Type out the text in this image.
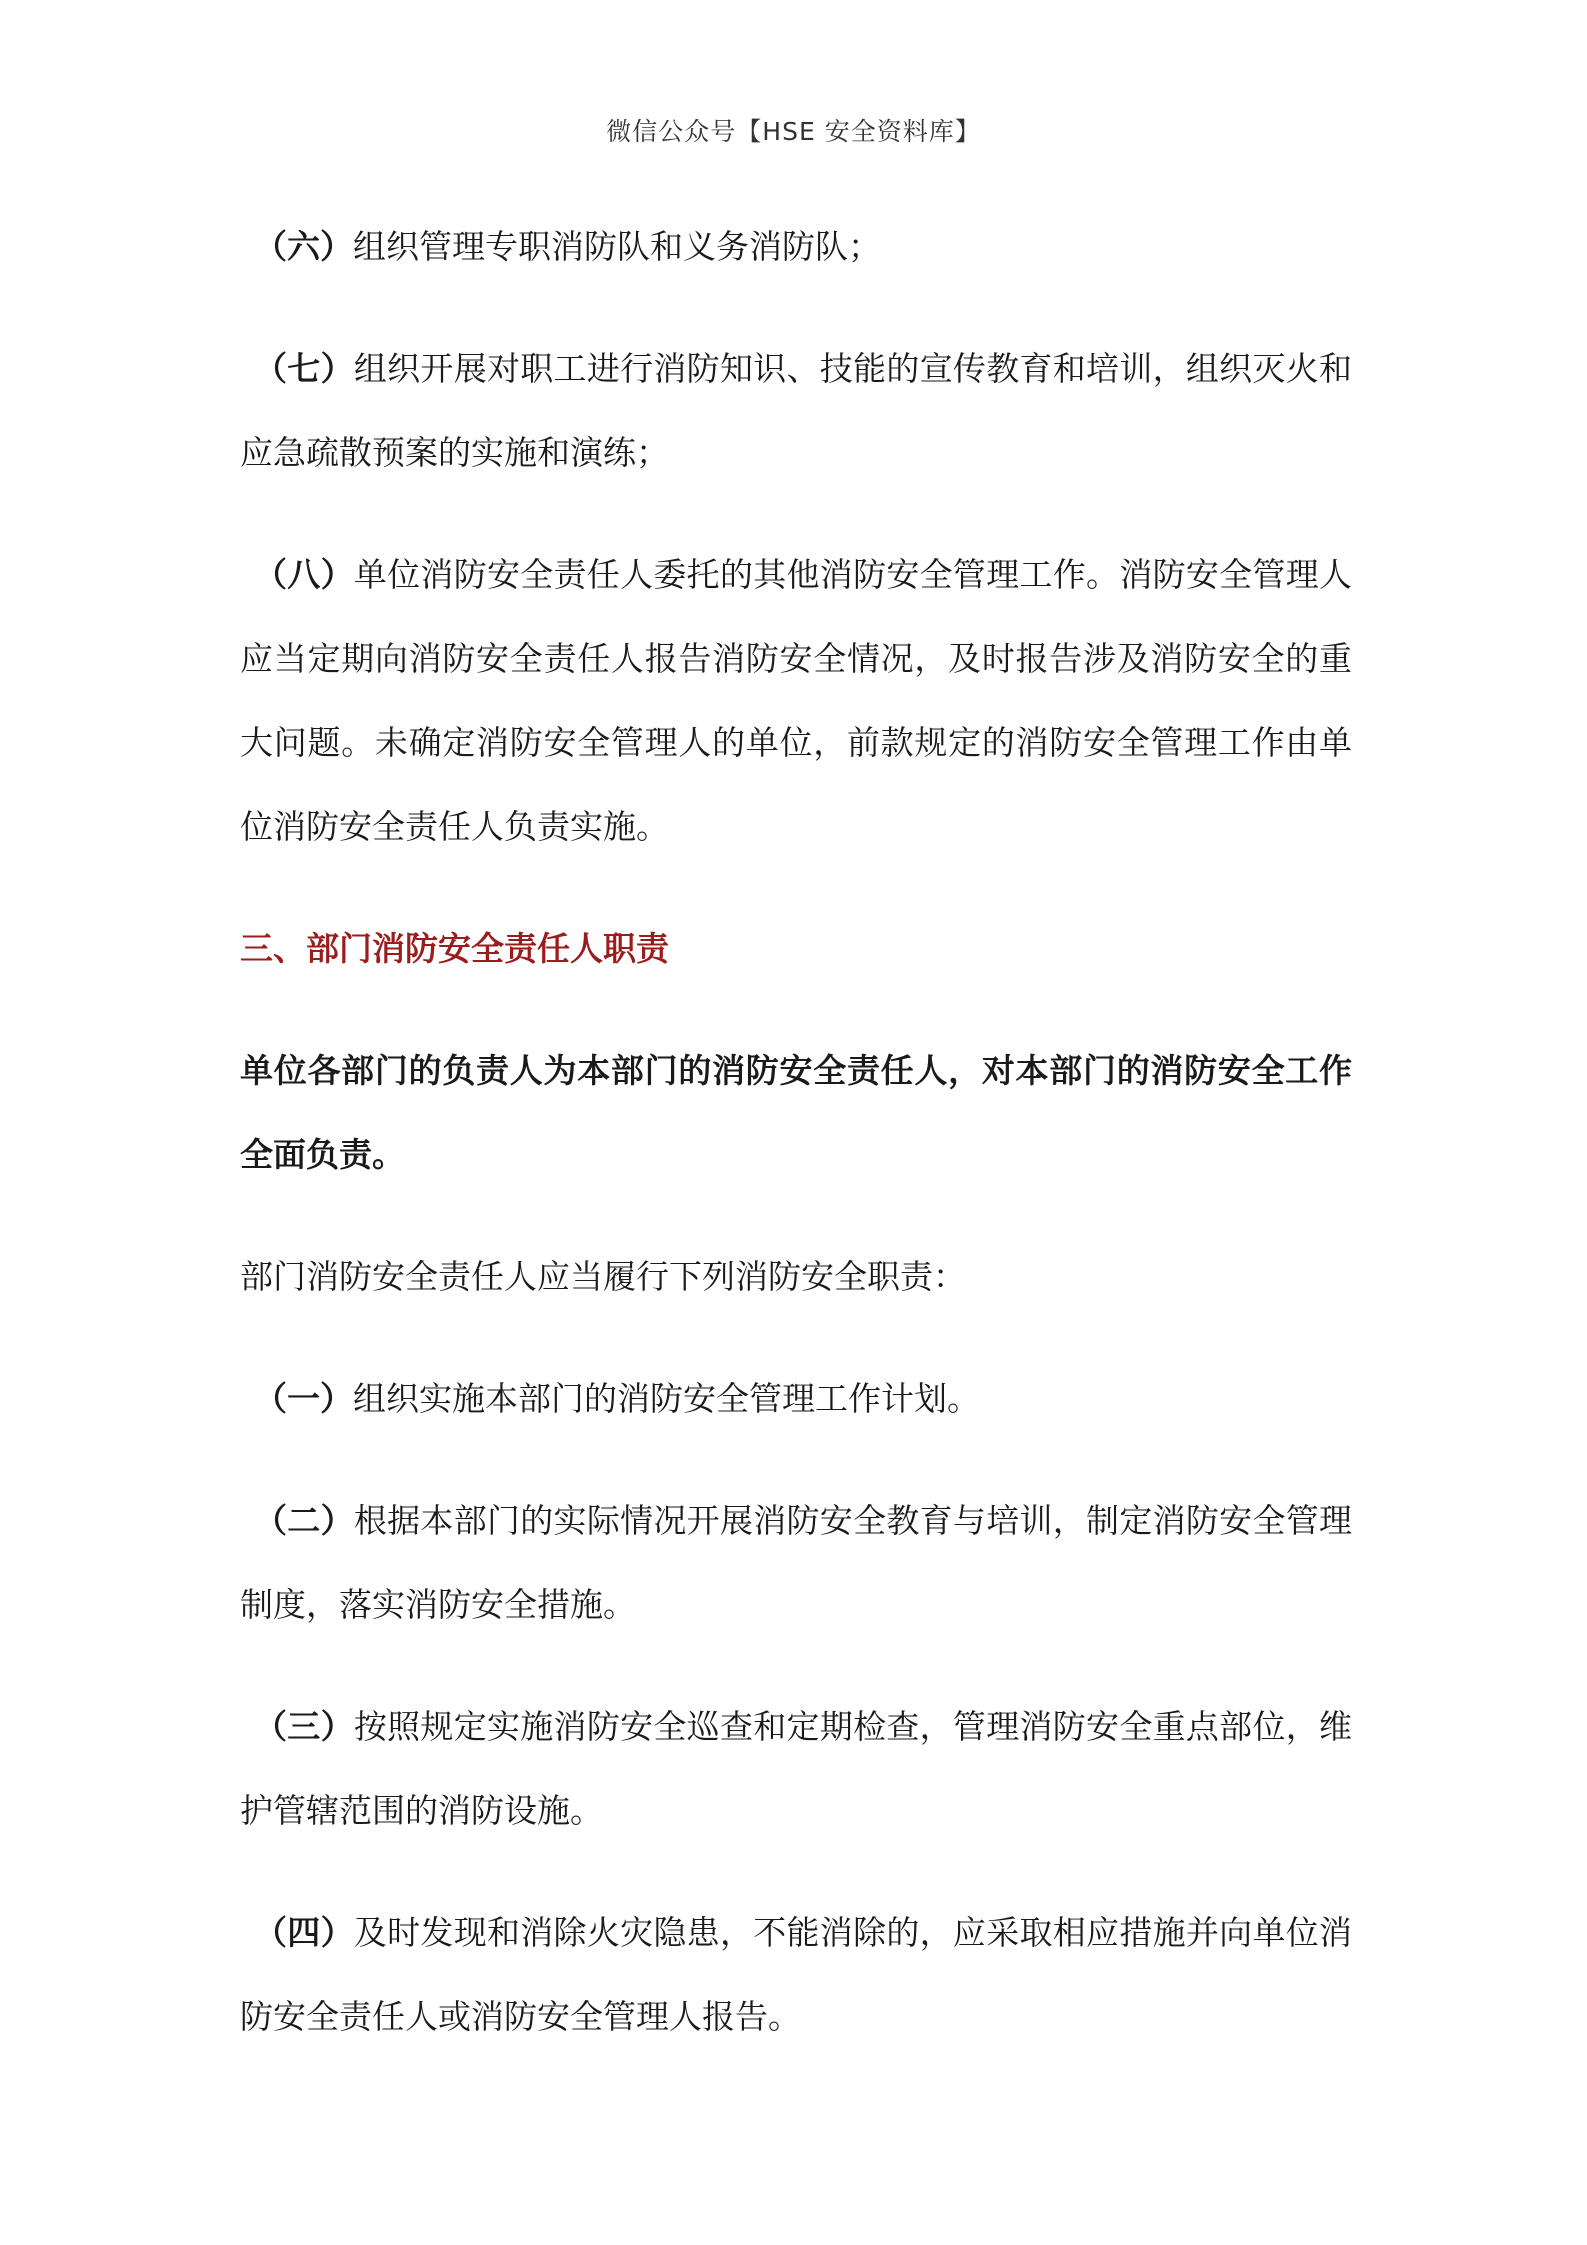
微信公众号【HSE 安全资料库】

（六）组织管理专职消防队和义务消防队；

（七）组织开展对职工进行消防知识、技能的宣传教育和培训，组织灭火和应急疏散预案的实施和演练；

（八）单位消防安全责任人委托的其他消防安全管理工作。消防安全管理人应当定期向消防安全责任人报告消防安全情况，及时报告涉及消防安全的重大问题。未确定消防安全管理人的单位，前款规定的消防安全管理工作由单位消防安全责任人负责实施。

三、部门消防安全责任人职责

单位各部门的负责人为本部门的消防安全责任人，对本部门的消防安全工作全面负责。

部门消防安全责任人应当履行下列消防安全职责：

（一）组织实施本部门的消防安全管理工作计划。

（二）根据本部门的实际情况开展消防安全教育与培训，制定消防安全管理制度，落实消防安全措施。

（三）按照规定实施消防安全巡查和定期检查，管理消防安全重点部位，维护管辖范围的消防设施。

（四）及时发现和消除火灾隐患，不能消除的，应采取相应措施并向单位消防安全责任人或消防安全管理人报告。
